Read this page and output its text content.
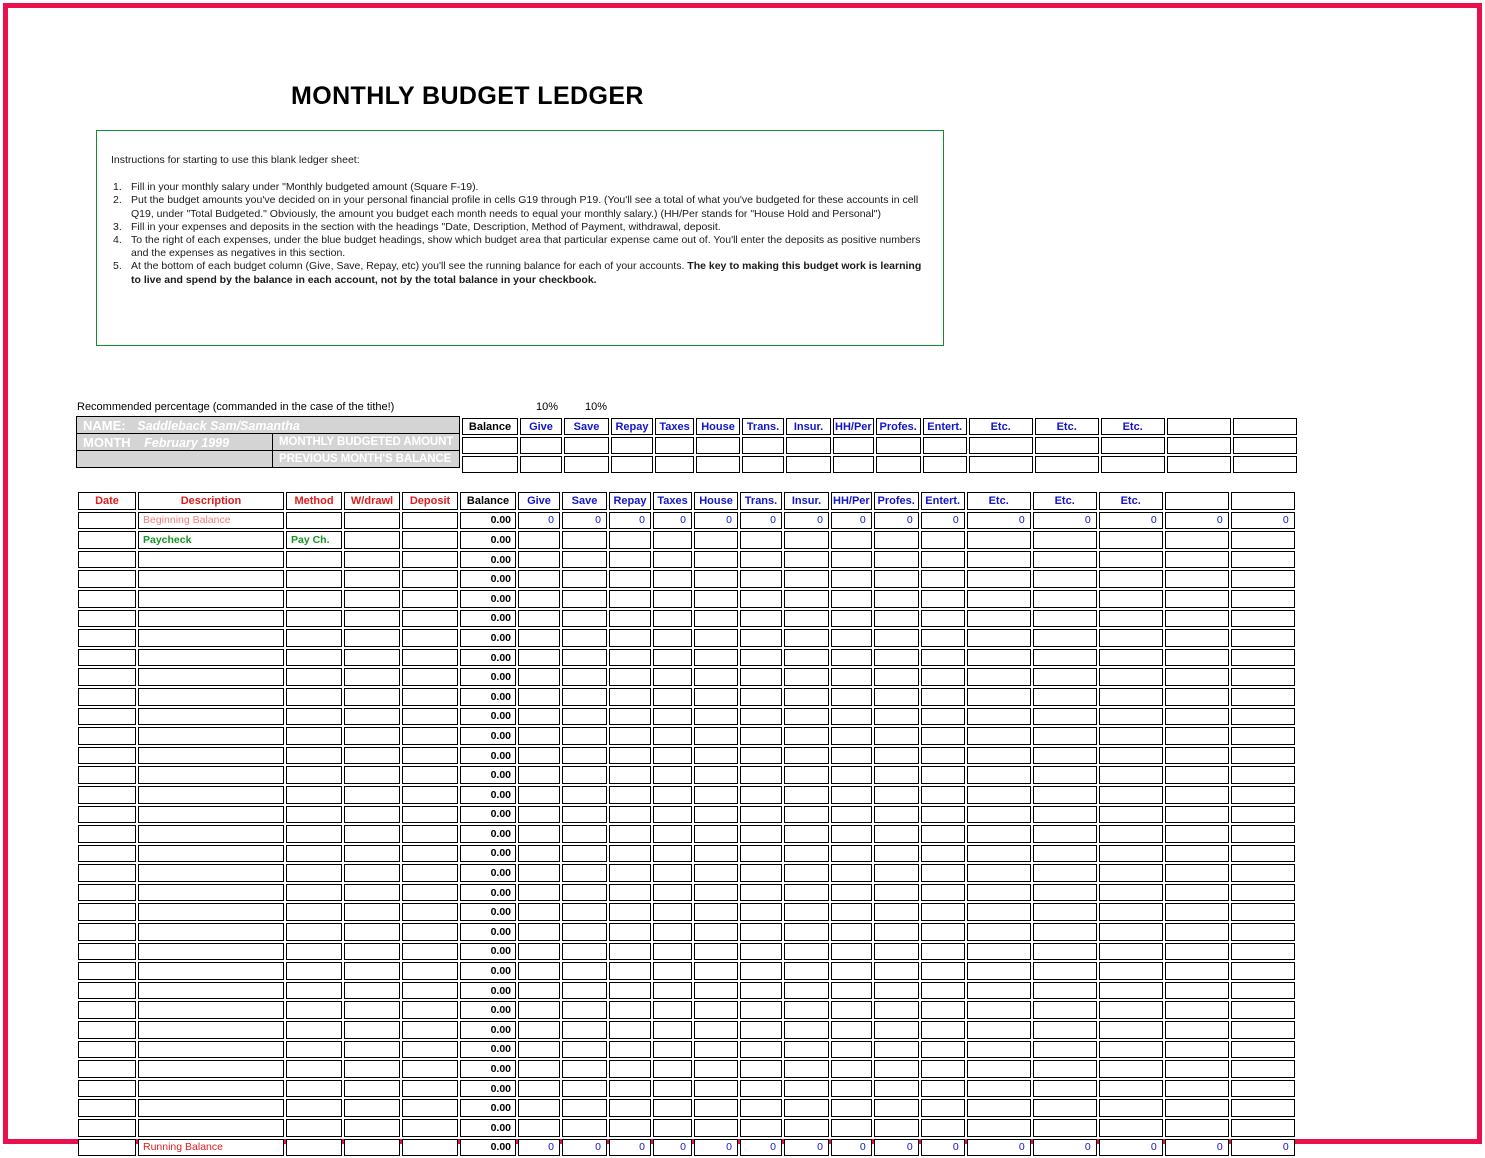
MONTHLY BUDGET LEDGER
Instructions for starting to use this blank ledger sheet:
1. Fill in your monthly salary under "Monthly budgeted amount (Square F-19).
2. Put the budget amounts you've decided on in your personal financial profile in cells G19 through P19. (You'll see a total of what you've budgeted for these accounts in cell Q19, under "Total Budgeted." Obviously, the amount you budget each month needs to equal your monthly salary.) (HH/Per stands for "House Hold and Personal")
3. Fill in your expenses and deposits in the section with the headings "Date, Description, Method of Payment, withdrawal, deposit.
4. To the right of each expenses, under the blue budget headings, show which budget area that particular expense came out of. You'll enter the deposits as positive numbers and the expenses as negatives in this section.
5. At the bottom of each budget column (Give, Save, Repay, etc) you'll see the running balance for each of your accounts. The key to making this budget work is learning to live and spend by the balance in each account, not by the total balance in your checkbook.
Recommended percentage (commanded in the case of the tithe!)	10% 10%
NAME: Saddleback Sam/Samantha	
MONTH February 1999	MONTHLY BUDGETED AMOUNT
	PREVIOUS MONTH'S BALANCE
Balance	Give	Save	Repay	Taxes	House	Trans.	Insur.	HH/Per	Profes.	Entert.	Etc.	Etc.	Etc.		

Date	Description	Method	W/drawl	Deposit	Balance	Give	Save	Repay	Taxes	House	Trans.	Insur.	HH/Per	Profes.	Entert.	Etc.	Etc.	Etc.		
	Beginning Balance				0.00	0	0	0	0	0	0	0	0	0	0	0	0	0	0	0
	Paycheck	Pay Ch.			0.00															
					0.00															
					0.00															
					0.00															
					0.00															
					0.00															
					0.00															
					0.00															
					0.00															
					0.00															
					0.00															
					0.00															
					0.00															
					0.00															
					0.00															
					0.00															
					0.00															
					0.00															
					0.00															
					0.00															
					0.00															
					0.00															
					0.00															
					0.00															
					0.00															
					0.00															
					0.00															
					0.00															
					0.00															
					0.00															
					0.00															
	Running Balance				0.00	0	0	0	0	0	0	0	0	0	0	0	0	0	0	0
